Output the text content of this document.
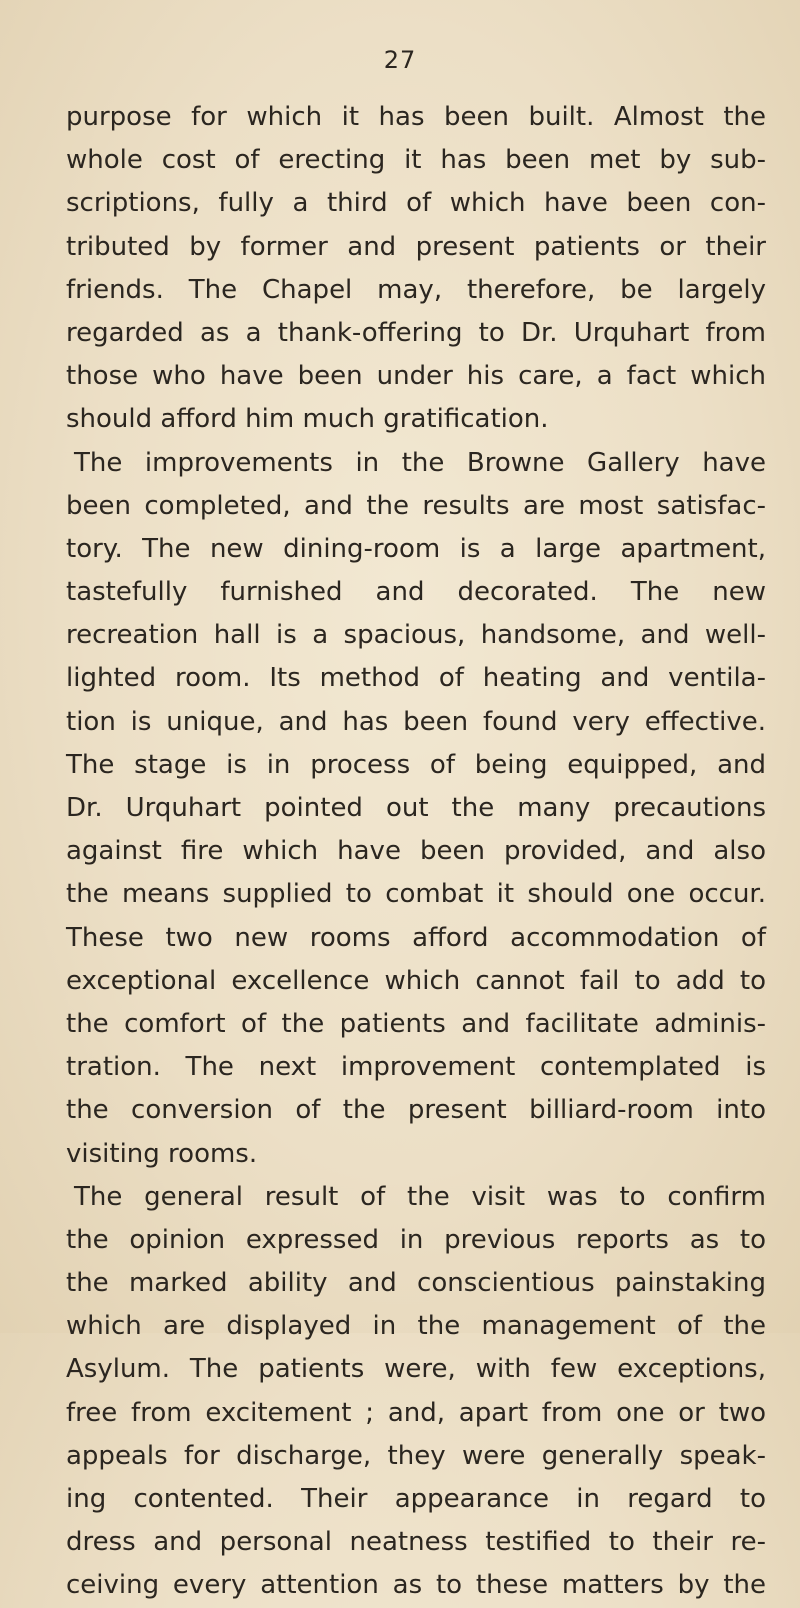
27
purpose for which it has been built. Almost the
whole cost of erecting it has been met by sub-
scriptions, fully a third of which have been con-
tributed by former and present patients or their
friends. The Chapel may, therefore, be largely
regarded as a thank-offering to Dr. Urquhart from
those who have been under his care, a fact which
should afford him much gratification.
The improvements in the Browne Gallery have
been completed, and the results are most satisfac-
tory. The new dining-room is a large apartment,
tastefully furnished and decorated. The new
recreation hall is a spacious, handsome, and well-
lighted room. Its method of heating and ventila-
tion is unique, and has been found very effective.
The stage is in process of being equipped, and
Dr. Urquhart pointed out the many precautions
against fire which have been provided, and also
the means supplied to combat it should one occur.
These two new rooms afford accommodation of
exceptional excellence which cannot fail to add to
the comfort of the patients and facilitate adminis-
tration. The next improvement contemplated is
the conversion of the present billiard-room into
visiting rooms.
The general result of the visit was to confirm
the opinion expressed in previous reports as to
the marked ability and conscientious painstaking
which are displayed in the management of the
Asylum. The patients were, with few exceptions,
free from excitement ; and, apart from one or two
appeals for discharge, they were generally speak-
ing contented. Their appearance in regard to
dress and personal neatness testified to their re-
ceiving every attention as to these matters by the
